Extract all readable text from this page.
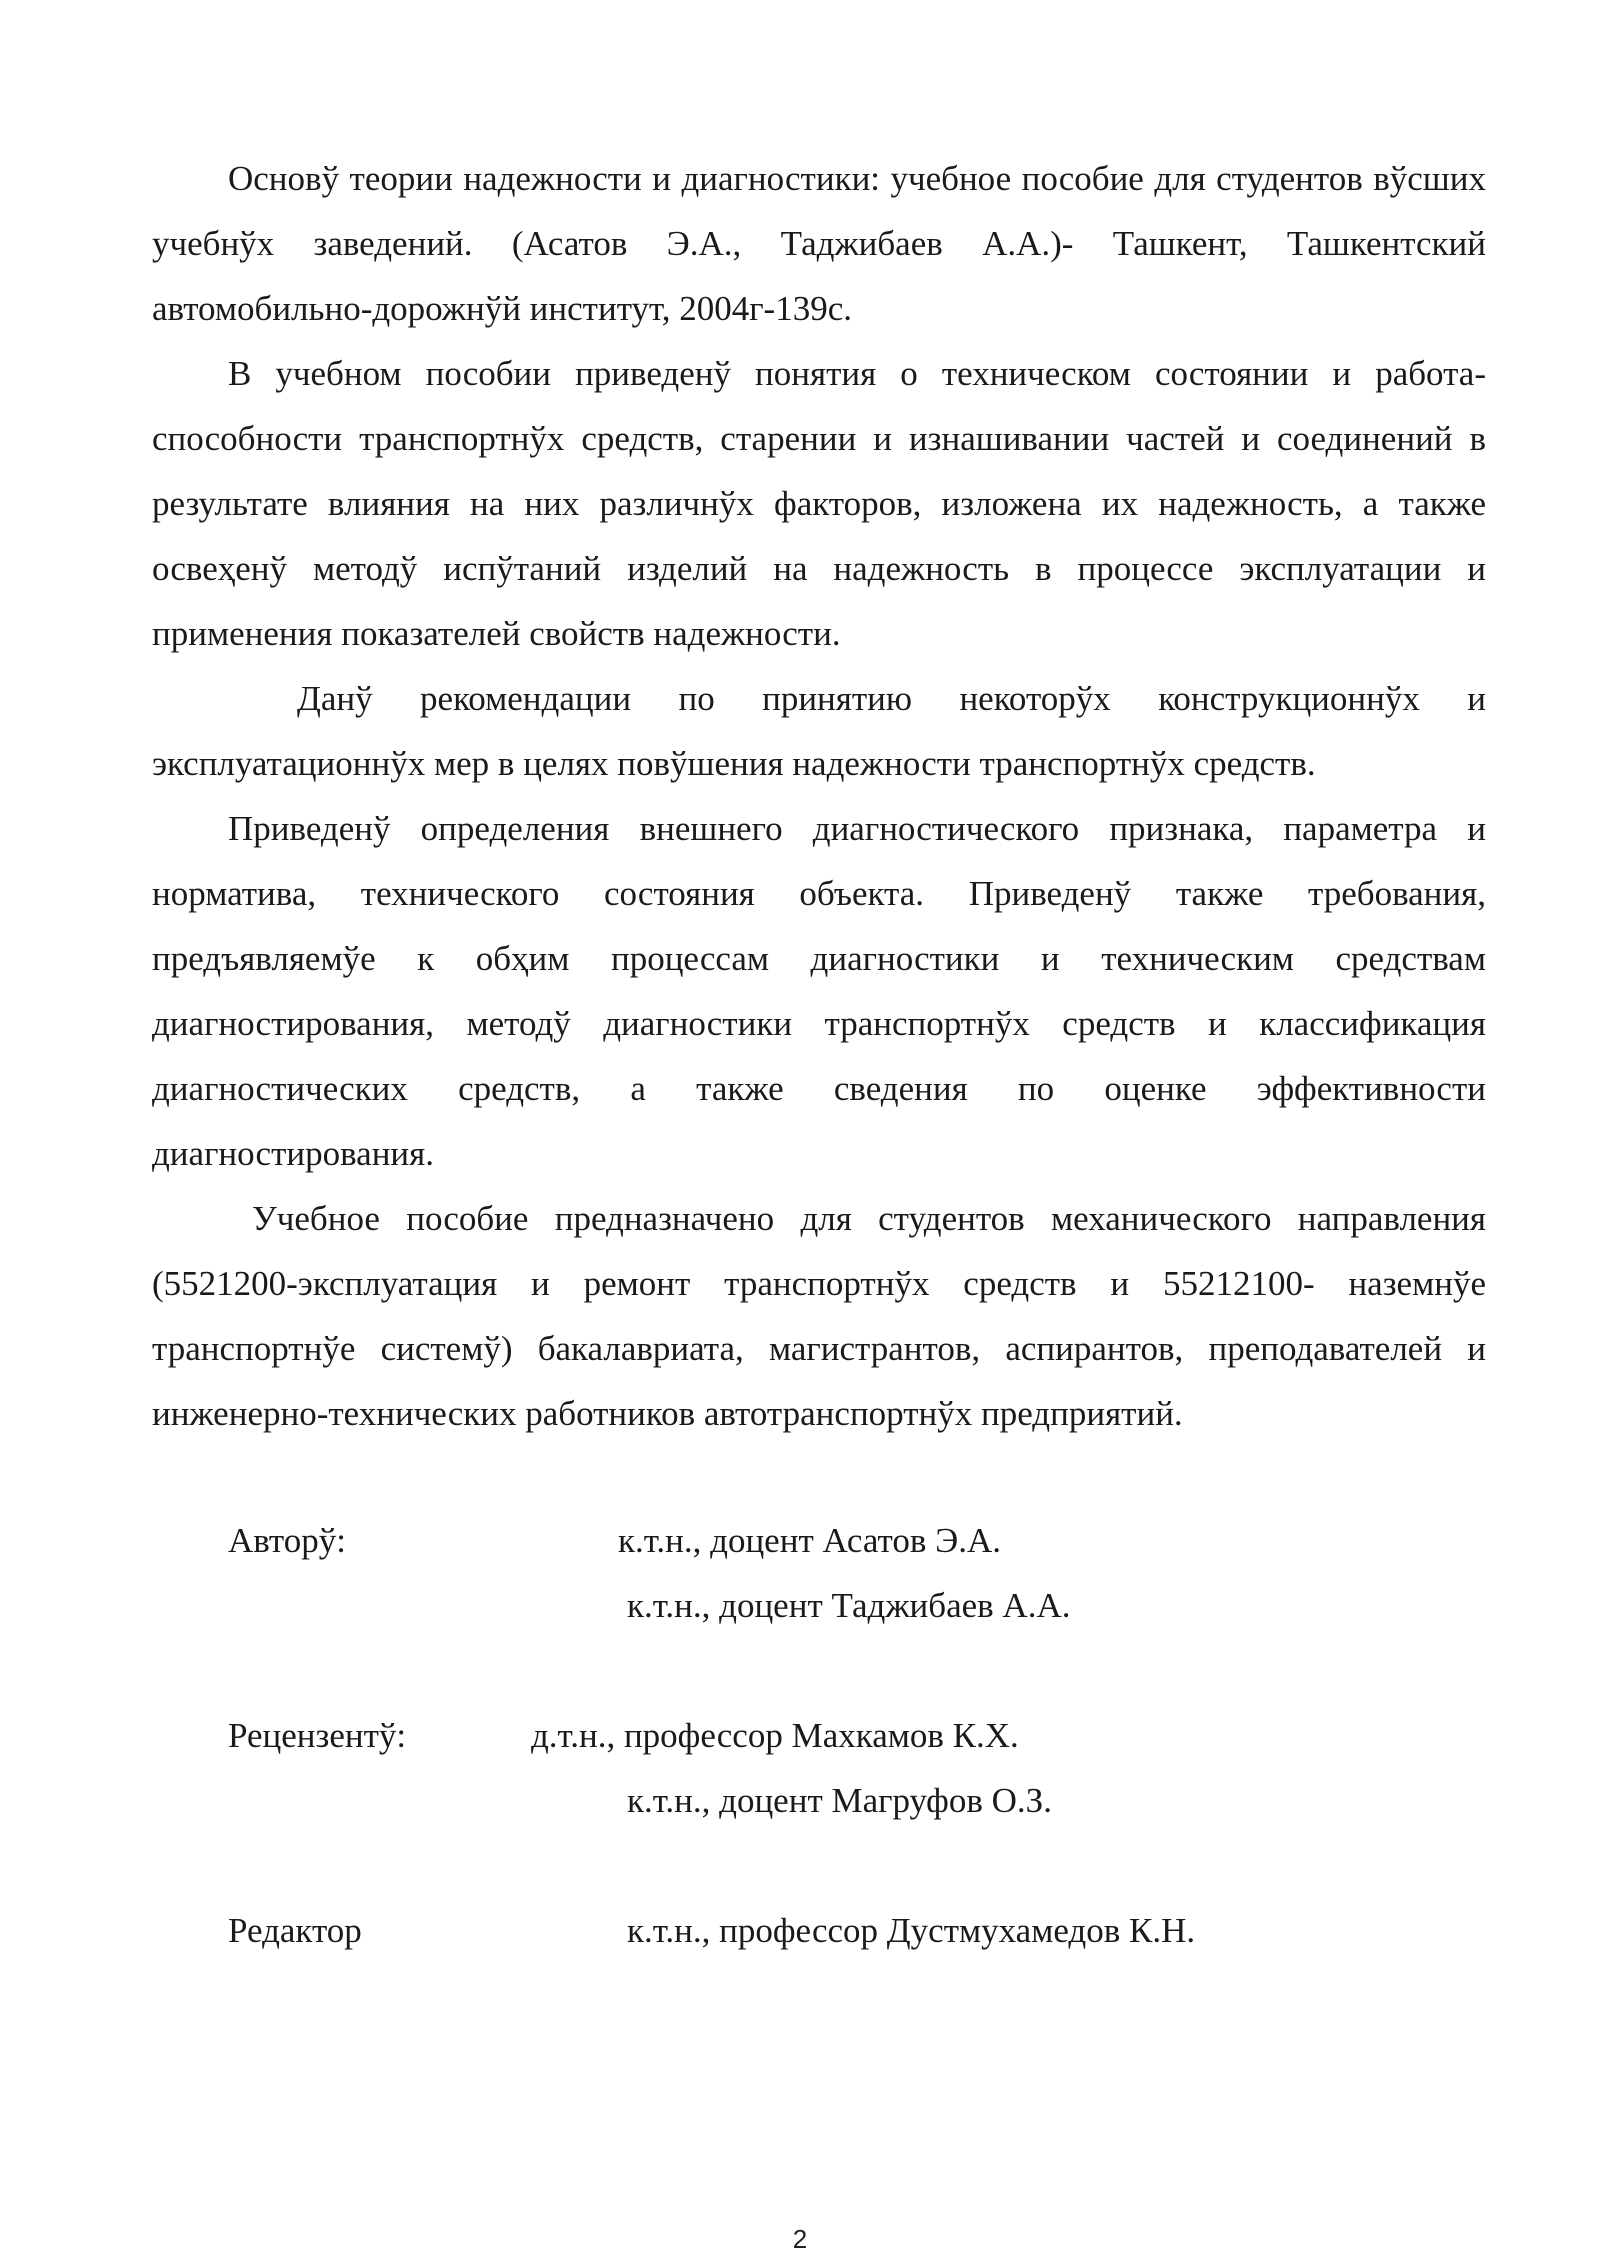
Основў теории надежности и диагностики: учебное пособие для студентов вўсших учебнўх заведений. (Асатов Э.А., Таджибаев А.А.)- Ташкент, Ташкентский автомобильно-дорожнўй институт, 2004г-139с.

В учебном пособии приведенў понятия о техническом состоянии и работа-способности транспортнўх средств, старении и изнашивании частей и соединений в результате влияния на них различнўх факторов, изложена их надежность, а также освеҳенў методў испўтаний изделий на надежность в процессе эксплуатации и применения показателей свойств надежности.

Данў рекомендации по принятию некоторўх конструкционнўх и эксплуатационнўх мер в целях повўшения надежности транспортнўх средств.

Приведенў определения внешнего диагностического признака, параметра и норматива, технического состояния объекта. Приведенў также требования, предъявляемўе к обҳим процессам диагностики и техническим средствам диагностирования, методў диагностики транспортнўх средств и классификация диагностических средств, а также сведения по оценке эффективности диагностирования.

Учебное пособие предназначено для студентов механического направления (5521200-эксплуатация и ремонт транспортнўх средств и 55212100- наземнўе транспортнўе системў) бакалавриата, магистрантов, аспирантов, преподавателей и инженерно-технических работников автотранспортнўх предприятий.

Авторў:	к.т.н., доцент Асатов Э.А.
к.т.н., доцент Таджибаев А.А.
Рецензентў:	д.т.н., профессор Махкамов К.Х.
к.т.н., доцент Магруфов О.З.
Редактор	к.т.н., профессор Дустмухамедов К.Н.
2
